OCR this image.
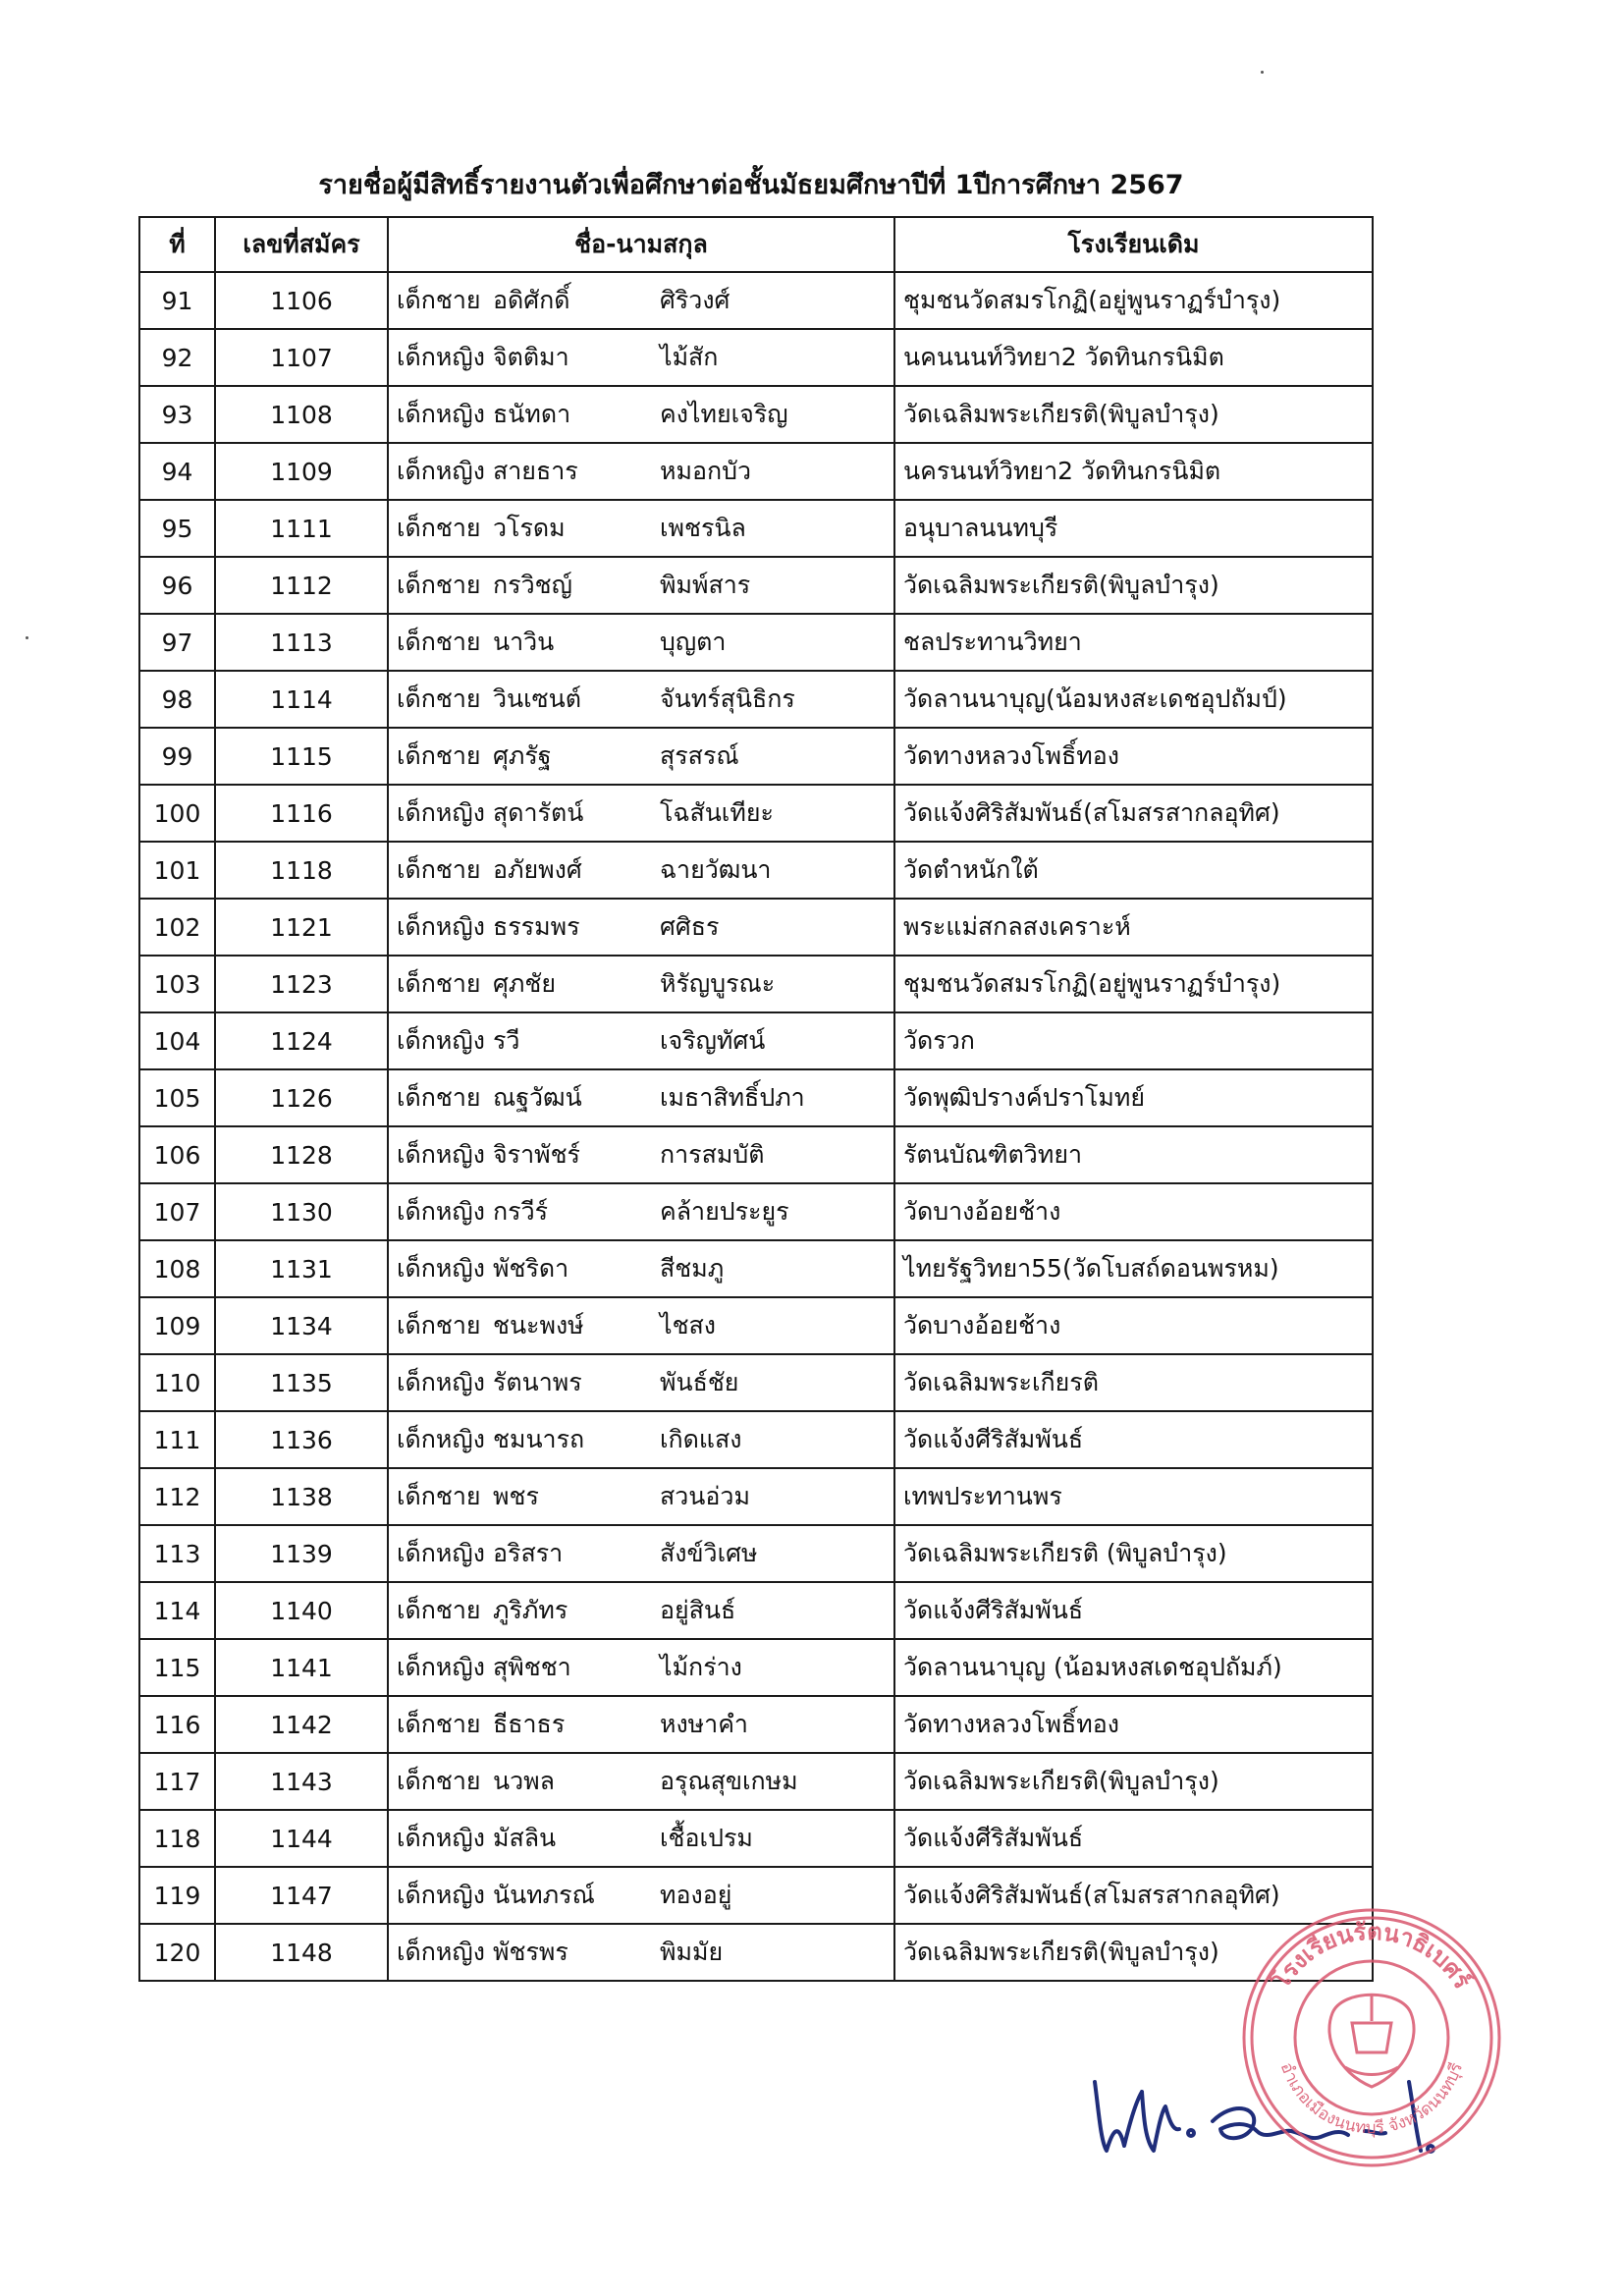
รายชื่อผู้มีสิทธิ์รายงานตัวเพื่อศึกษาต่อชั้นมัธยมศึกษาปีที่ 1ปีการศึกษา 2567
ที่	เลขที่สมัคร	ชื่อ-นามสกุล	โรงเรียนเดิม
91	1106	เด็กชาย อดิศักดิ์ ศิริวงศ์	ชุมชนวัดสมรโกฏิ(อยู่พูนราฏร์บำรุง)
92	1107	เด็กหญิง จิตติมา ไม้สัก	นคนนนท์วิทยา2 วัดทินกรนิมิต
93	1108	เด็กหญิง ธนัทดา คงไทยเจริญ	วัดเฉลิมพระเกียรติ(พิบูลบำรุง)
94	1109	เด็กหญิง สายธาร หมอกบัว	นครนนท์วิทยา2 วัดทินกรนิมิต
95	1111	เด็กชาย วโรดม เพชรนิล	อนุบาลนนทบุรี
96	1112	เด็กชาย กรวิชญ์ พิมพ์สาร	วัดเฉลิมพระเกียรติ(พิบูลบำรุง)
97	1113	เด็กชาย นาวิน บุญตา	ชลประทานวิทยา
98	1114	เด็กชาย วินเซนต์ จันทร์สุนิธิกร	วัดลานนาบุญ(น้อมหงสะเดชอุปถัมป์)
99	1115	เด็กชาย ศุภรัฐ สุรสรณ์	วัดทางหลวงโพธิ์ทอง
100	1116	เด็กหญิง สุดารัตน์ โฉสันเทียะ	วัดแจ้งศิริสัมพันธ์(สโมสรสากลอุทิศ)
101	1118	เด็กชาย อภัยพงศ์ ฉายวัฒนา	วัดตำหนักใต้
102	1121	เด็กหญิง ธรรมพร ศศิธร	พระแม่สกลสงเคราะห์
103	1123	เด็กชาย ศุภชัย หิรัญบูรณะ	ชุมชนวัดสมรโกฏิ(อยู่พูนราฏร์บำรุง)
104	1124	เด็กหญิง รวี เจริญทัศน์	วัดรวก
105	1126	เด็กชาย ณฐวัฒน์ เมธาสิทธิ์ปภา	วัดพุฒิปรางค์ปราโมทย์
106	1128	เด็กหญิง จิราพัชร์ การสมบัติ	รัตนบัณฑิตวิทยา
107	1130	เด็กหญิง กรวีร์ คล้ายประยูร	วัดบางอ้อยช้าง
108	1131	เด็กหญิง พัชริดา สีชมภู	ไทยรัฐวิทยา55(วัดโบสถ์ดอนพรหม)
109	1134	เด็กชาย ชนะพงษ์ ไชสง	วัดบางอ้อยช้าง
110	1135	เด็กหญิง รัตนาพร พันธ์ชัย	วัดเฉลิมพระเกียรติ
111	1136	เด็กหญิง ชมนารถ เกิดแสง	วัดแจ้งศีริสัมพันธ์
112	1138	เด็กชาย พชร สวนอ่วม	เทพประทานพร
113	1139	เด็กหญิง อริสรา สังข์วิเศษ	วัดเฉลิมพระเกียรติ (พิบูลบำรุง)
114	1140	เด็กชาย ภูริภัทร อยู่สินธ์	วัดแจ้งศีริสัมพันธ์
115	1141	เด็กหญิง สุพิชชา ไม้กร่าง	วัดลานนาบุญ (น้อมหงสเดชอุปถัมภ์)
116	1142	เด็กชาย ธีธาธร หงษาคำ	วัดทางหลวงโพธิ์ทอง
117	1143	เด็กชาย นวพล อรุณสุขเกษม	วัดเฉลิมพระเกียรติ(พิบูลบำรุง)
118	1144	เด็กหญิง มัสลิน เชื้อเปรม	วัดแจ้งศีริสัมพันธ์
119	1147	เด็กหญิง นันทภรณ์ ทองอยู่	วัดแจ้งศิริสัมพันธ์(สโมสรสากลอุทิศ)
120	1148	เด็กหญิง พัชรพร พิมมัย	วัดเฉลิมพระเกียรติ(พิบูลบำรุง)
โรงเรียนรัตนาธิเบศร์
อำเภอเมืองนนทบุรี จังหวัดนนทบุรี
